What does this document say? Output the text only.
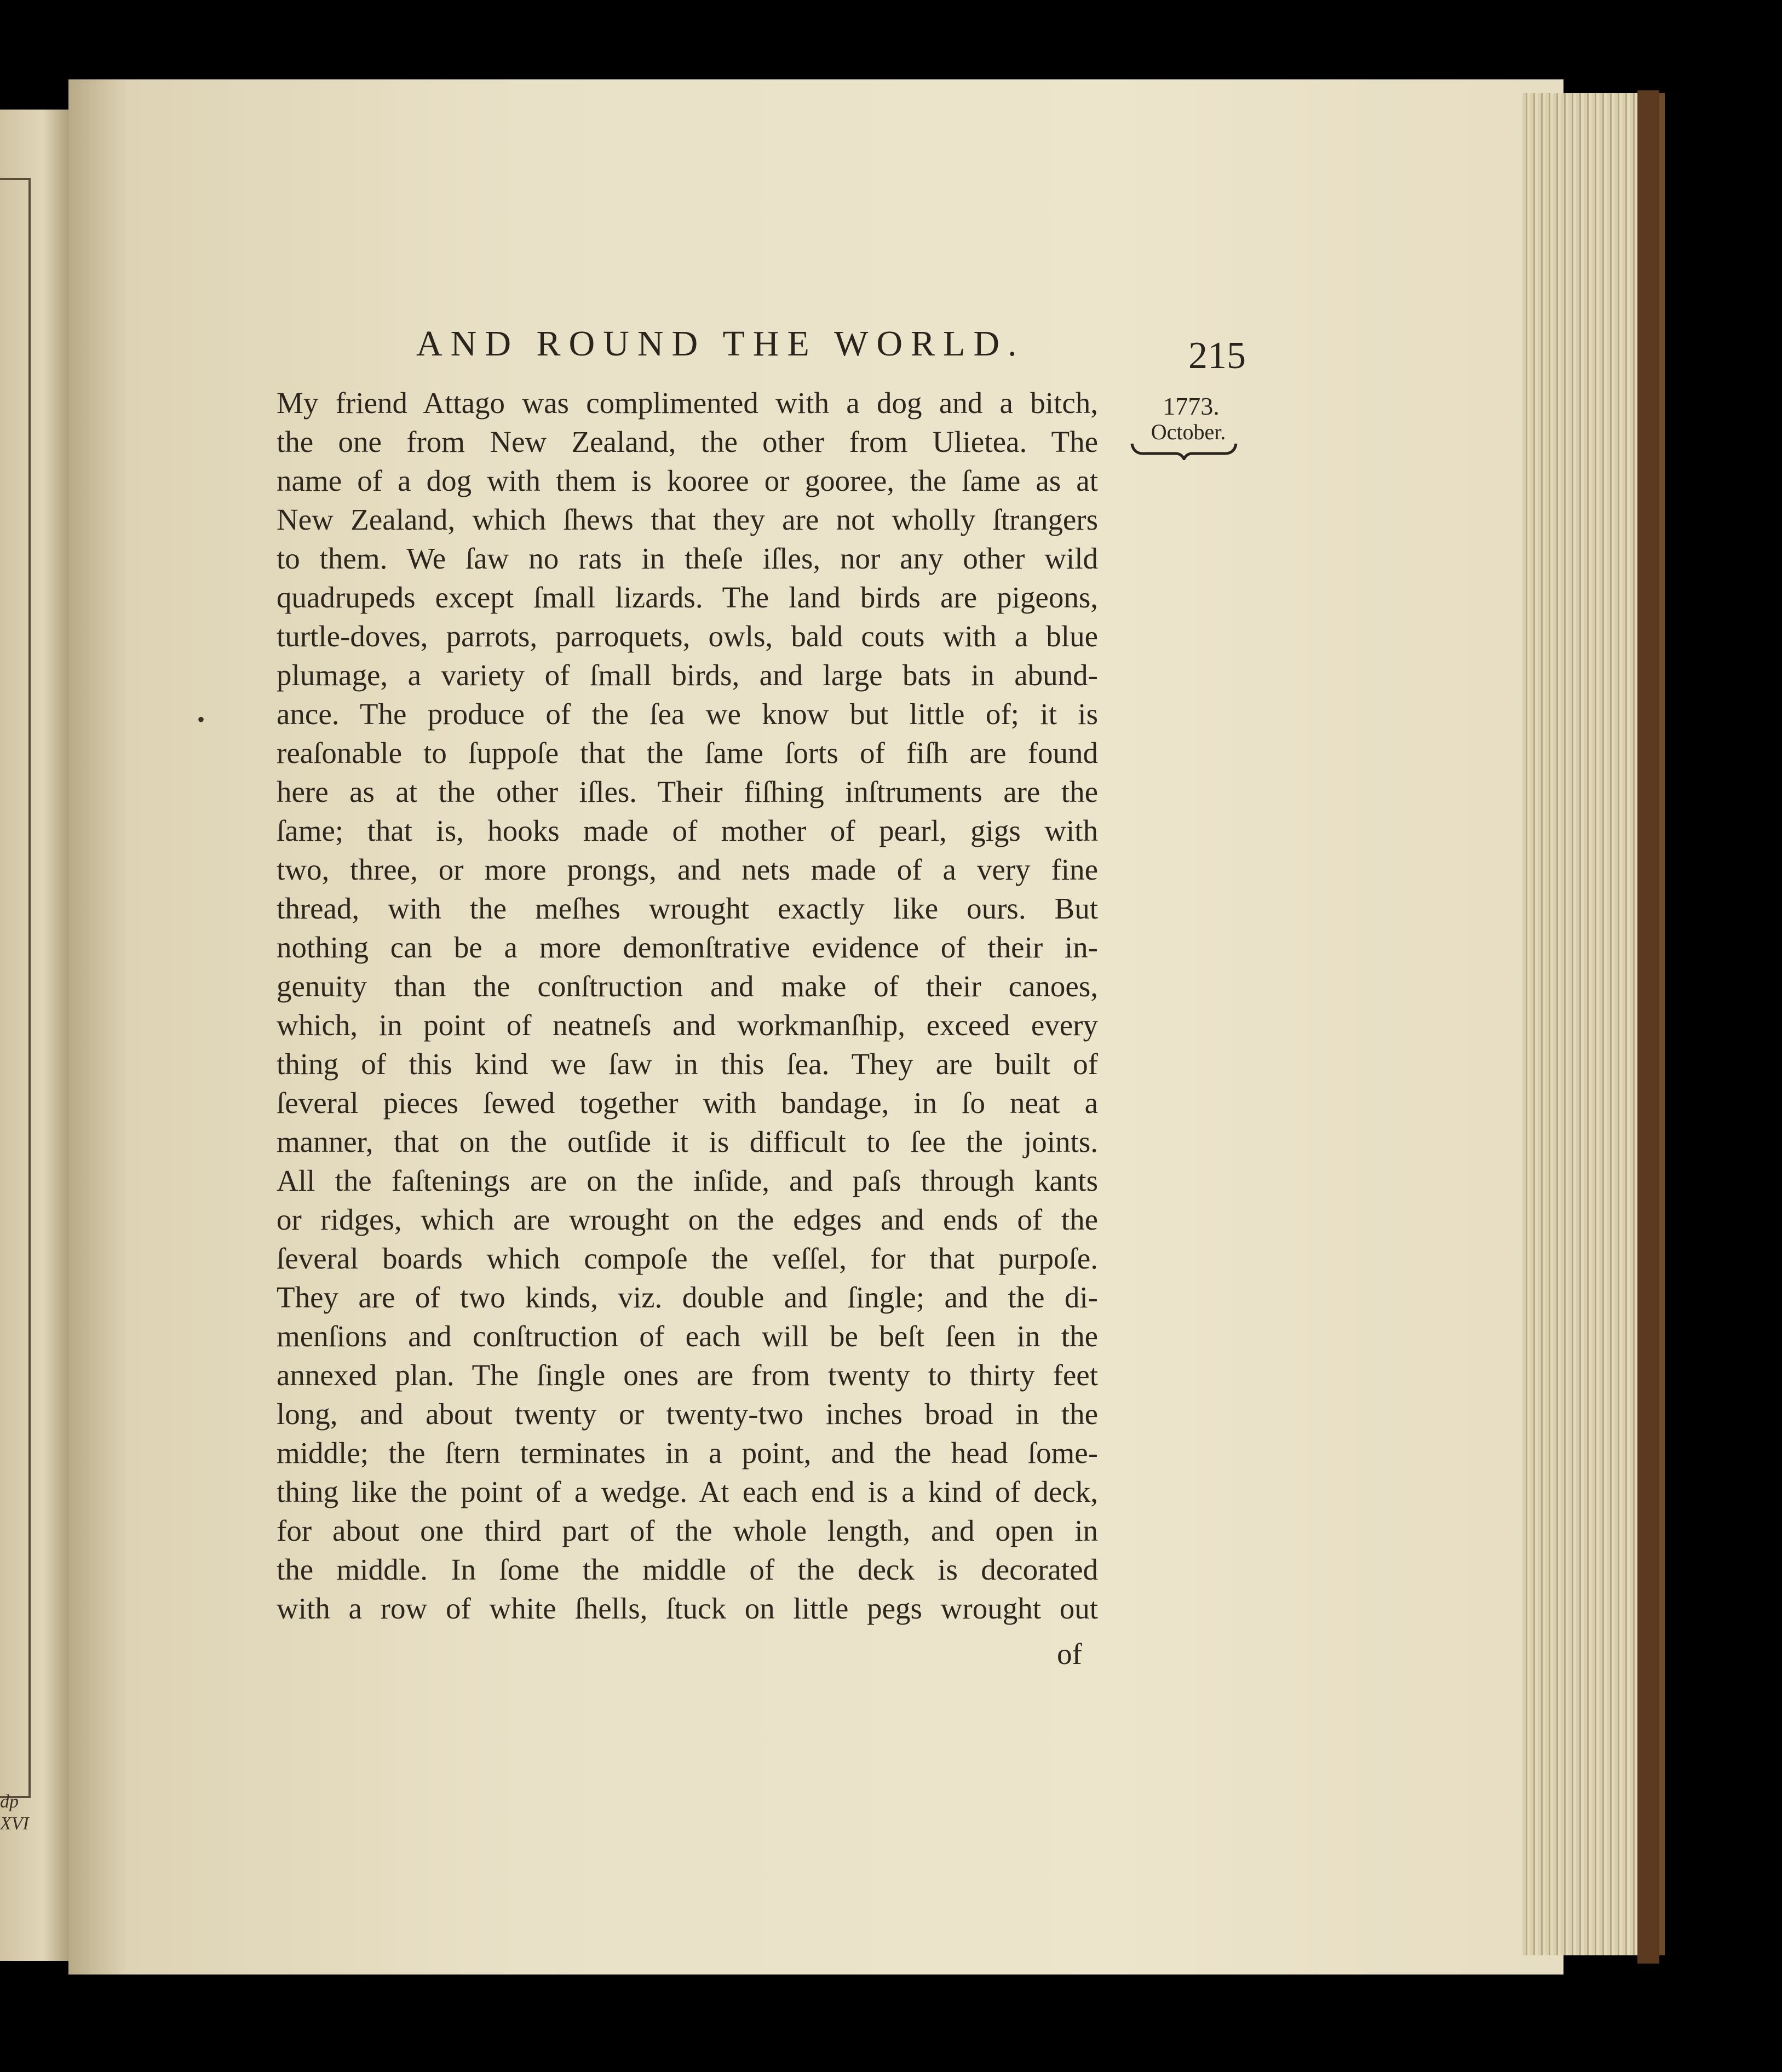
dp
XVI
AND ROUND THE WORLD.	215
1773.
October.
My friend Attago was complimented with a dog and a bitch,
the one from New Zealand, the other from Ulietea. The
name of a dog with them is kooree or gooree, the ſame as at
New Zealand, which ſhews that they are not wholly ſtrangers
to them. We ſaw no rats in theſe iſles, nor any other wild
quadrupeds except ſmall lizards. The land birds are pigeons,
turtle-doves, parrots, parroquets, owls, bald couts with a blue
plumage, a variety of ſmall birds, and large bats in abund-
ance. The produce of the ſea we know but little of; it is
reaſonable to ſuppoſe that the ſame ſorts of fiſh are found
here as at the other iſles. Their fiſhing inſtruments are the
ſame; that is, hooks made of mother of pearl, gigs with
two, three, or more prongs, and nets made of a very fine
thread, with the meſhes wrought exactly like ours. But
nothing can be a more demonſtrative evidence of their in-
genuity than the conſtruction and make of their canoes,
which, in point of neatneſs and workmanſhip, exceed every
thing of this kind we ſaw in this ſea. They are built of
ſeveral pieces ſewed together with bandage, in ſo neat a
manner, that on the outſide it is difficult to ſee the joints.
All the faſtenings are on the inſide, and paſs through kants
or ridges, which are wrought on the edges and ends of the
ſeveral boards which compoſe the veſſel, for that purpoſe.
They are of two kinds, viz. double and ſingle; and the di-
menſions and conſtruction of each will be beſt ſeen in the
annexed plan. The ſingle ones are from twenty to thirty feet
long, and about twenty or twenty-two inches broad in the
middle; the ſtern terminates in a point, and the head ſome-
thing like the point of a wedge. At each end is a kind of deck,
for about one third part of the whole length, and open in
the middle. In ſome the middle of the deck is decorated
with a row of white ſhells, ſtuck on little pegs wrought out
of
•
